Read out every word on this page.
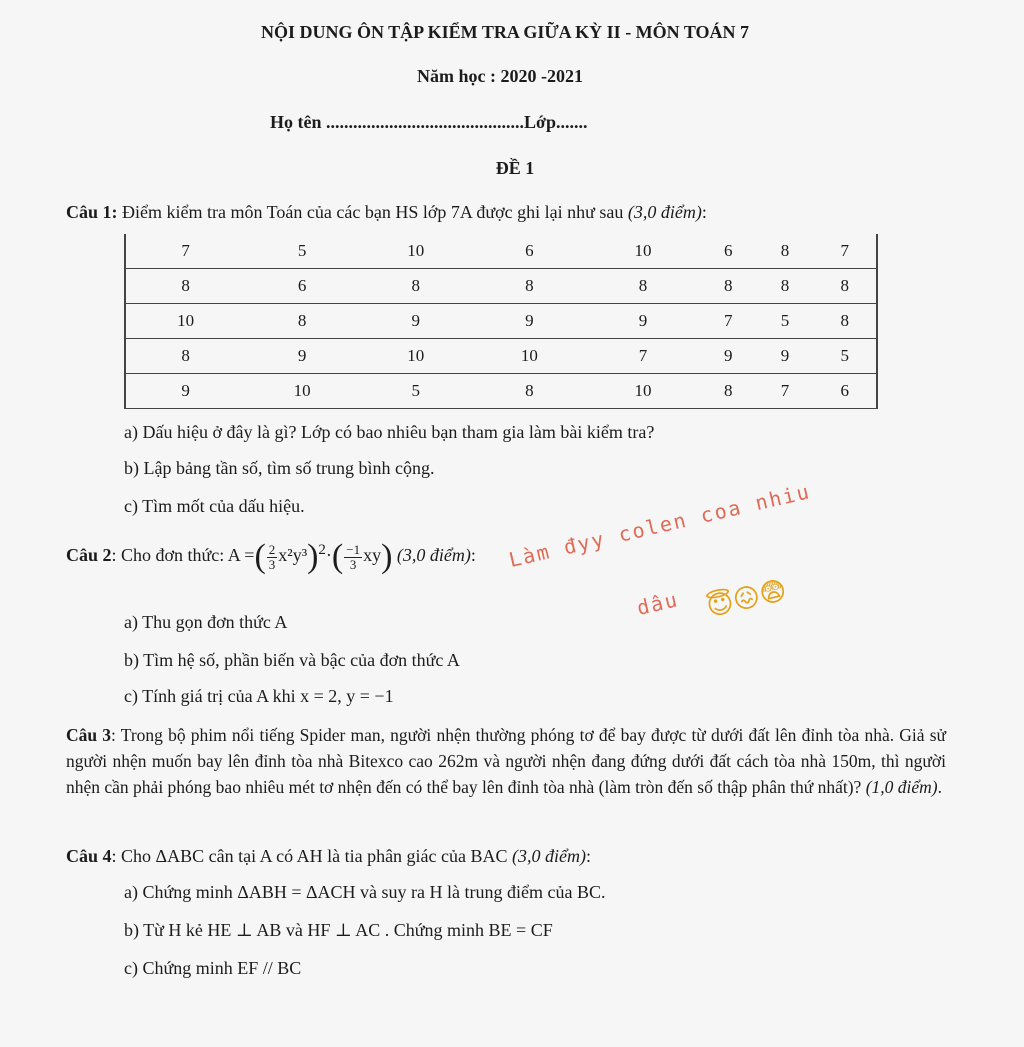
NỘI DUNG ÔN TẬP KIỂM TRA GIỮA KỲ II - MÔN TOÁN 7
Năm học : 2020 -2021
Họ tên ............................................Lớp.......
ĐỀ 1
Câu 1: Điểm kiểm tra môn Toán của các bạn HS lớp 7A được ghi lại như sau (3,0 điểm):
7	5	10	6	10	6	8	7
8	6	8	8	8	8	8	8
10	8	9	9	9	7	5	8
8	9	10	10	7	9	9	5
9	10	5	8	10	8	7	6
a) Dấu hiệu ở đây là gì? Lớp có bao nhiêu bạn tham gia làm bài kiểm tra?
b) Lập bảng tần số, tìm số trung bình cộng.
c) Tìm mốt của dấu hiệu.
Câu 2: Cho đơn thức: A =( $\frac{2}{3} x^2y^3)^2\cdot( \frac{-1}{3} xy)$ (3,0 điểm):
a) Thu gọn đơn thức A
b) Tìm hệ số, phần biến và bậc của đơn thức A
c) Tính giá trị của A khi x = 2, y = −1
Câu 3: Trong bộ phim nổi tiếng Spider man, người nhện thường phóng tơ để bay được từ dưới đất lên đỉnh tòa nhà. Giả sử người nhện muốn bay lên đỉnh tòa nhà Bitexco cao 262m và người nhện đang đứng dưới đất cách tòa nhà 150m, thì người nhện cần phải phóng bao nhiêu mét tơ nhện đến có thể bay lên đỉnh tòa nhà (làm tròn đến số thập phân thứ nhất)? (1,0 điểm).
Câu 4: Cho ΔABC cân tại A có AH là tia phân giác của BAC (3,0 điểm):
a) Chứng minh ΔABH = ΔACH và suy ra H là trung điểm của BC.
b) Từ H kẻ HE ⊥ AB và HF ⊥ AC . Chứng minh BE = CF
c) Chứng minh EF // BC
Làm đyy colen coa nhiu
dâu 😇😖😨
